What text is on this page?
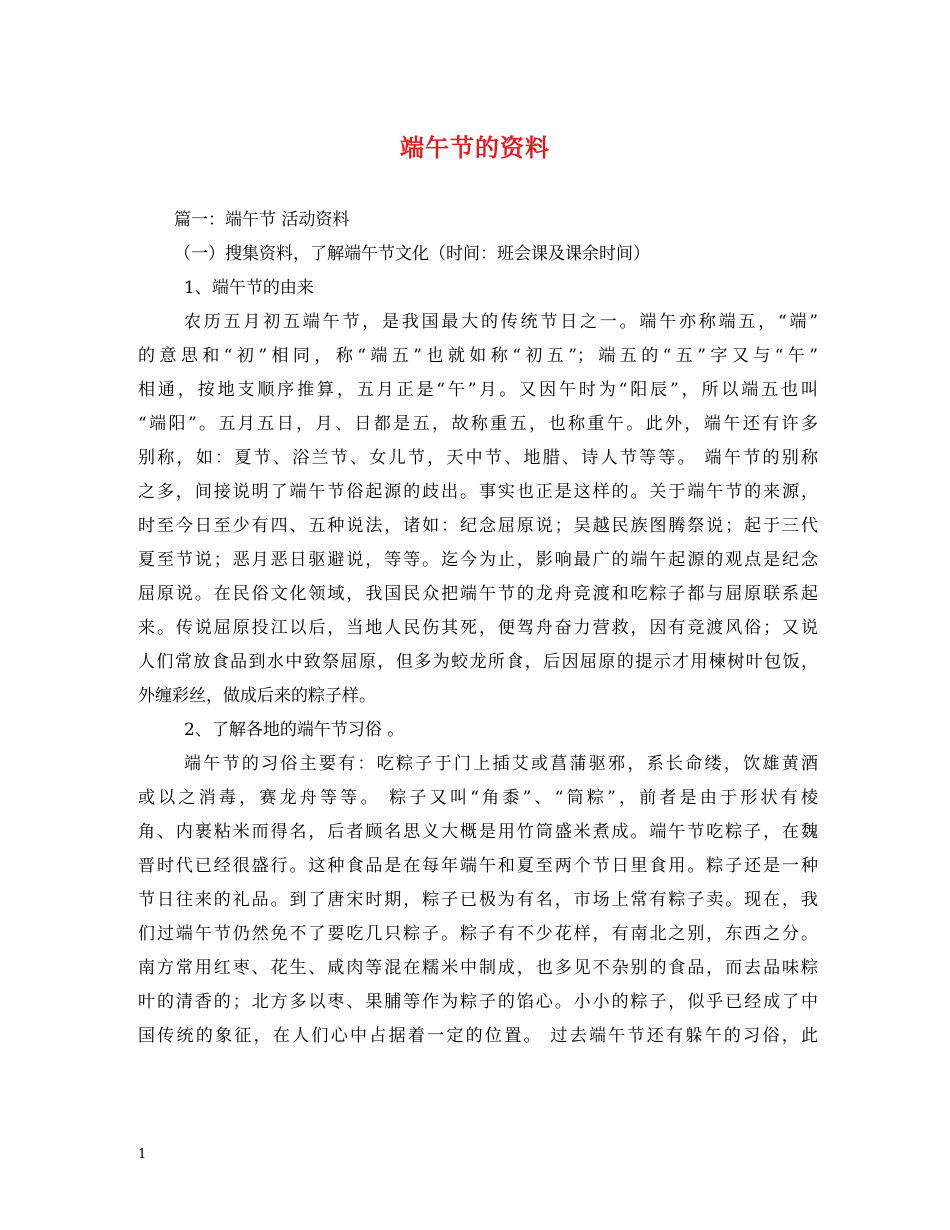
端午节的资料
篇一：端午节 活动资料
（一）搜集资料，了解端午节文化（时间：班会课及课余时间）
1、端午节的由来
农历五月初五端午节，是我国最大的传统节日之一。端午亦称端五，“端”
的意思和“初”相同，称“端五”也就如称“初五”；端五的“五”字又与“午”
相通，按地支顺序推算，五月正是“午”月。又因午时为“阳辰”，所以端五也叫
“端阳”。五月五日，月、日都是五，故称重五，也称重午。此外，端午还有许多
别称，如：夏节、浴兰节、女儿节，天中节、地腊、诗人节等等。 端午节的别称
之多，间接说明了端午节俗起源的歧出。事实也正是这样的。关于端午节的来源，
时至今日至少有四、五种说法，诸如：纪念屈原说；吴越民族图腾祭说；起于三代
夏至节说；恶月恶日驱避说，等等。迄今为止，影响最广的端午起源的观点是纪念
屈原说。在民俗文化领域，我国民众把端午节的龙舟竞渡和吃粽子都与屈原联系起
来。传说屈原投江以后，当地人民伤其死，便驾舟奋力营救，因有竞渡风俗；又说
人们常放食品到水中致祭屈原，但多为蛟龙所食，后因屈原的提示才用楝树叶包饭，
外缠彩丝，做成后来的粽子样。
2、了解各地的端午节习俗 。
端午节的习俗主要有：吃粽子于门上插艾或菖蒲驱邪，系长命缕，饮雄黄酒
或以之消毒，赛龙舟等等。 粽子又叫“角黍”、“筒粽”，前者是由于形状有棱
角、内裹粘米而得名，后者顾名思义大概是用竹筒盛米煮成。端午节吃粽子，在魏
晋时代已经很盛行。这种食品是在每年端午和夏至两个节日里食用。粽子还是一种
节日往来的礼品。到了唐宋时期，粽子已极为有名，市场上常有粽子卖。现在，我
们过端午节仍然免不了要吃几只粽子。粽子有不少花样，有南北之别，东西之分。
南方常用红枣、花生、咸肉等混在糯米中制成，也多见不杂别的食品，而去品味粽
叶的清香的；北方多以枣、果脯等作为粽子的馅心。小小的粽子，似乎已经成了中
国传统的象征，在人们心中占据着一定的位置。 过去端午节还有躲午的习俗，此
1
